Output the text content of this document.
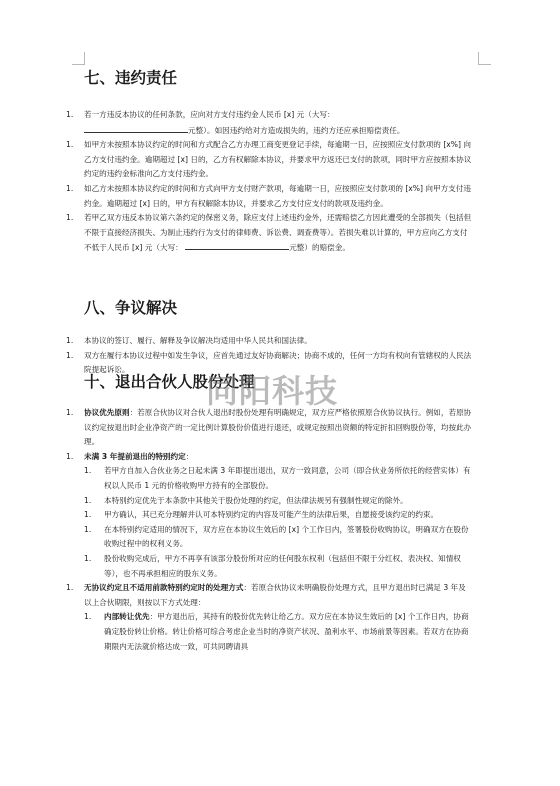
七、违约责任
1. 若一方违反本协议的任何条款，应向对方支付违约金人民币 [x] 元（大写：
元整）。如因违约给对方造成损失的，违约方还应承担赔偿责任。
1. 如甲方未按照本协议约定的时间和方式配合乙方办理工商变更登记手续，每逾期一日，应按照应支付款项的 [x%] 向乙方支付违约金。逾期超过 [x] 日的，乙方有权解除本协议，并要求甲方返还已支付的款项，同时甲方应按照本协议约定的违约金标准向乙方支付违约金。
1. 如乙方未按照本协议约定的时间和方式向甲方支付财产款项，每逾期一日，应按照应支付款项的 [x%] 向甲方支付违约金。逾期超过 [x] 日的，甲方有权解除本协议，并要求乙方支付应支付的款项及违约金。
1. 若甲乙双方违反本协议第六条约定的保密义务，除应支付上述违约金外，还需赔偿乙方因此遭受的全部损失（包括但不限于直接经济损失、为制止违约行为支付的律师费、诉讼费、调查费等）。若损失难以计算的，甲方应向乙方支付不低于人民币 [x] 元（大写：	元整）的赔偿金。
八、争议解决
1. 本协议的签订、履行、解释及争议解决均适用中华人民共和国法律。
1. 双方在履行本协议过程中如发生争议，应首先通过友好协商解决；协商不成的，任何一方均有权向有管辖权的人民法院提起诉讼。
十、退出合伙人股份处理
1. 协议优先原则：若原合伙协议对合伙人退出时股份处理有明确规定，双方应严格依照原合伙协议执行。例如，若原协议约定按退出时企业净资产的一定比例计算股份价值进行退还，或规定按照出资额的特定折扣回购股份等，均按此办理。
1. 未满 3 年提前退出的特别约定：
1. 若甲方自加入合伙业务之日起未满 3 年即提出退出，双方一致同意，公司（即合伙业务所依托的经营实体）有权以人民币 1 元的价格收购甲方持有的全部股份。
1. 本特别约定优先于本条款中其他关于股份处理的约定，但法律法规另有强制性规定的除外。
1. 甲方确认，其已充分理解并认可本特别约定的内容及可能产生的法律后果，自愿接受该约定的约束。
1. 在本特别约定适用的情况下，双方应在本协议生效后的 [x] 个工作日内，签署股份收购协议，明确双方在股份收购过程中的权利义务。
1. 股份收购完成后，甲方不再享有该部分股份所对应的任何股东权利（包括但不限于分红权、表决权、知情权等），也不再承担相应的股东义务。
1. 无协议约定且不适用前款特别约定时的处理方式：若原合伙协议未明确股份处理方式，且甲方退出时已满足 3 年及以上合伙期限，则按以下方式处理：
1. 内部转让优先：甲方退出后，其持有的股份优先转让给乙方。双方应在本协议生效后的 [x] 个工作日内，协商确定股份转让价格。转让价格可综合考虑企业当时的净资产状况、盈利水平、市场前景等因素。若双方在协商期限内无法就价格达成一致，可共同聘请具
同阳科技
